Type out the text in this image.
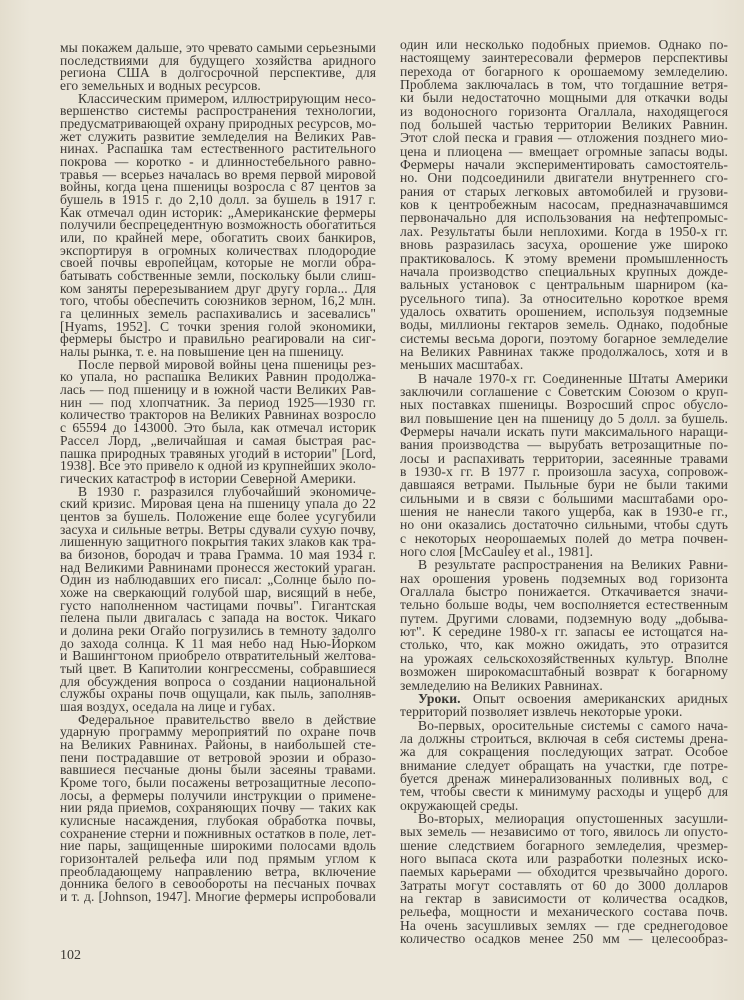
мы покажем дальше, это чревато самыми серьезными
последствиями для будущего хозяйства аридного
региона США в долгосрочной перспективе, для
его земельных и водных ресурсов.
Классическим примером, иллюстрирующим несо-
вершенство системы распространения технологии,
предусматривающей охрану природных ресурсов, мо-
жет служить развитие земледелия на Великих Рав-
нинах. Распашка там естественного растительного
покрова — коротко - и длинностебельного равно-
травья — всерьез началась во время первой мировой
войны, когда цена пшеницы возросла с 87 центов за
бушель в 1915 г. до 2,10 долл. за бушель в 1917 г.
Как отмечал один историк: „Американские фермеры
получили беспрецедентную возможность обогатиться
или, по крайней мере, обогатить своих банкиров,
экспортируя в огромных количествах плодородие
своей почвы европейцам, которые не могли обра-
батывать собственные земли, поскольку были слиш-
ком заняты перерезыванием друг другу горла... Для
того, чтобы обеспечить союзников зерном, 16,2 млн.
га целинных земель распахивались и засевались"
[Hyams, 1952]. С точки зрения голой экономики,
фермеры быстро и правильно реагировали на сиг-
налы рынка, т. е. на повышение цен на пшеницу.
После первой мировой войны цена пшеницы рез-
ко упала, но распашка Великих Равнин продолжа-
лась — под пшеницу и в южной части Великих Рав-
нин — под хлопчатник. За период 1925—1930 гг.
количество тракторов на Великих Равнинах возросло
с 65594 до 143000. Это была, как отмечал историк
Рассел Лорд, „величайшая и самая быстрая рас-
пашка природных травяных угодий в истории" [Lord,
1938]. Все это привело к одной из крупнейших эколо-
гических катастроф в истории Северной Америки.
В 1930 г. разразился глубочайший экономиче-
ский кризис. Мировая цена на пшеницу упала до 22
центов за бушель. Положение еще более усугубили
засуха и сильные ветры. Ветры сдували сухую почву,
лишенную защитного покрытия таких злаков как тра-
ва бизонов, бородач и трава Грамма. 10 мая 1934 г.
над Великими Равнинами пронесся жестокий ураган.
Один из наблюдавших его писал: „Солнце было по-
хоже на сверкающий голубой шар, висящий в небе,
густо наполненном частицами почвы". Гигантская
пелена пыли двигалась с запада на восток. Чикаго
и долина реки Огайо погрузились в темноту задолго
до захода солнца. К 11 мая небо над Нью-Йорком
и Вашингтоном приобрело отвратительный желтова-
тый цвет. В Капитолии конгрессмены, собравшиеся
для обсуждения вопроса о создании национальной
службы охраны почв ощущали, как пыль, заполняв-
шая воздух, оседала на лице и губах.
Федеральное правительство ввело в действие
ударную программу мероприятий по охране почв
на Великих Равнинах. Районы, в наибольшей сте-
пени пострадавшие от ветровой эрозии и образо-
вавшиеся песчаные дюны были засеяны травами.
Кроме того, были посажены ветрозащитные лесопо-
лосы, а фермеры получили инструкции о примене-
нии ряда приемов, сохраняющих почву — таких как
кулисные насаждения, глубокая обработка почвы,
сохранение стерни и пожнивных остатков в поле, лет-
ние пары, защищенные широкими полосами вдоль
горизонталей рельефа или под прямым углом к
преобладающему направлению ветра, включение
донника белого в севообороты на песчаных почвах
и т. д. [Johnson, 1947]. Многие фермеры испробовали
один или несколько подобных приемов. Однако по-
настоящему заинтересовали фермеров перспективы
перехода от богарного к орошаемому земледелию.
Проблема заключалась в том, что тогдашние ветря-
ки были недостаточно мощными для откачки воды
из водоносного горизонта Огаллала, находящегося
под большей частью территории Великих Равнин.
Этот слой песка и гравия — отложения позднего мио-
цена и плиоцена — вмещает огромные запасы воды.
Фермеры начали экспериментировать самостоятель-
но. Они подсоединили двигатели внутреннего сго-
рания от старых легковых автомобилей и грузови-
ков к центробежным насосам, предназначавшимся
первоначально для использования на нефтепромыс-
лах. Результаты были неплохими. Когда в 1950-х гг.
вновь разразилась засуха, орошение уже широко
практиковалось. К этому времени промышленность
начала производство специальных крупных дожде-
вальных установок с центральным шарниром (ка-
русельного типа). За относительно короткое время
удалось охватить орошением, используя подземные
воды, миллионы гектаров земель. Однако, подобные
системы весьма дороги, поэтому богарное земледелие
на Великих Равнинах также продолжалось, хотя и в
меньших масштабах.
В начале 1970-х гг. Соединенные Штаты Америки
заключили соглашение с Советским Союзом о круп-
ных поставках пшеницы. Возросший спрос обусло-
вил повышение цен на пшеницу до 5 долл. за бушель.
Фермеры начали искать пути максимального наращи-
вания производства — вырубать ветрозащитные по-
лосы и распахивать территории, засеянные травами
в 1930-х гг. В 1977 г. произошла засуха, сопровож-
давшаяся ветрами. Пыльные бури не были такими
сильными и в связи с бо́льшими масштабами оро-
шения не нанесли такого ущерба, как в 1930-е гг.,
но они оказались достаточно сильными, чтобы сдуть
с некоторых неорошаемых полей до метра почвен-
ного слоя [McCauley et al., 1981].
В результате распространения на Великих Равни-
нах орошения уровень подземных вод горизонта
Огаллала быстро понижается. Откачивается значи-
тельно больше воды, чем восполняется естественным
путем. Другими словами, подземную воду „добыва-
ют". К середине 1980-х гг. запасы ее истощатся на-
столько, что, как можно ожидать, это отразится
на урожаях сельскохозяйственных культур. Вполне
возможен широкомасштабный возврат к богарному
земледелию на Великих Равнинах.
Уроки. Опыт освоения американских аридных
территорий позволяет извлечь некоторые уроки.
Во-первых, оросительные системы с самого нача-
ла должны строиться, включая в себя системы дрена-
жа для сокращения последующих затрат. Особое
внимание следует обращать на участки, где потре-
буется дренаж минерализованных поливных вод, с
тем, чтобы свести к минимуму расходы и ущерб для
окружающей среды.
Во-вторых, мелиорация опустошенных засушли-
вых земель — независимо от того, явилось ли опусто-
шение следствием богарного земледелия, чрезмер-
ного выпаса скота или разработки полезных иско-
паемых карьерами — обходится чрезвычайно дорого.
Затраты могут составлять от 60 до 3000 долларов
на гектар в зависимости от количества осадков,
рельефа, мощности и механического состава почв.
На очень засушливых землях — где среднегодовое
количество осадков менее 250 мм — целесообраз-
102
